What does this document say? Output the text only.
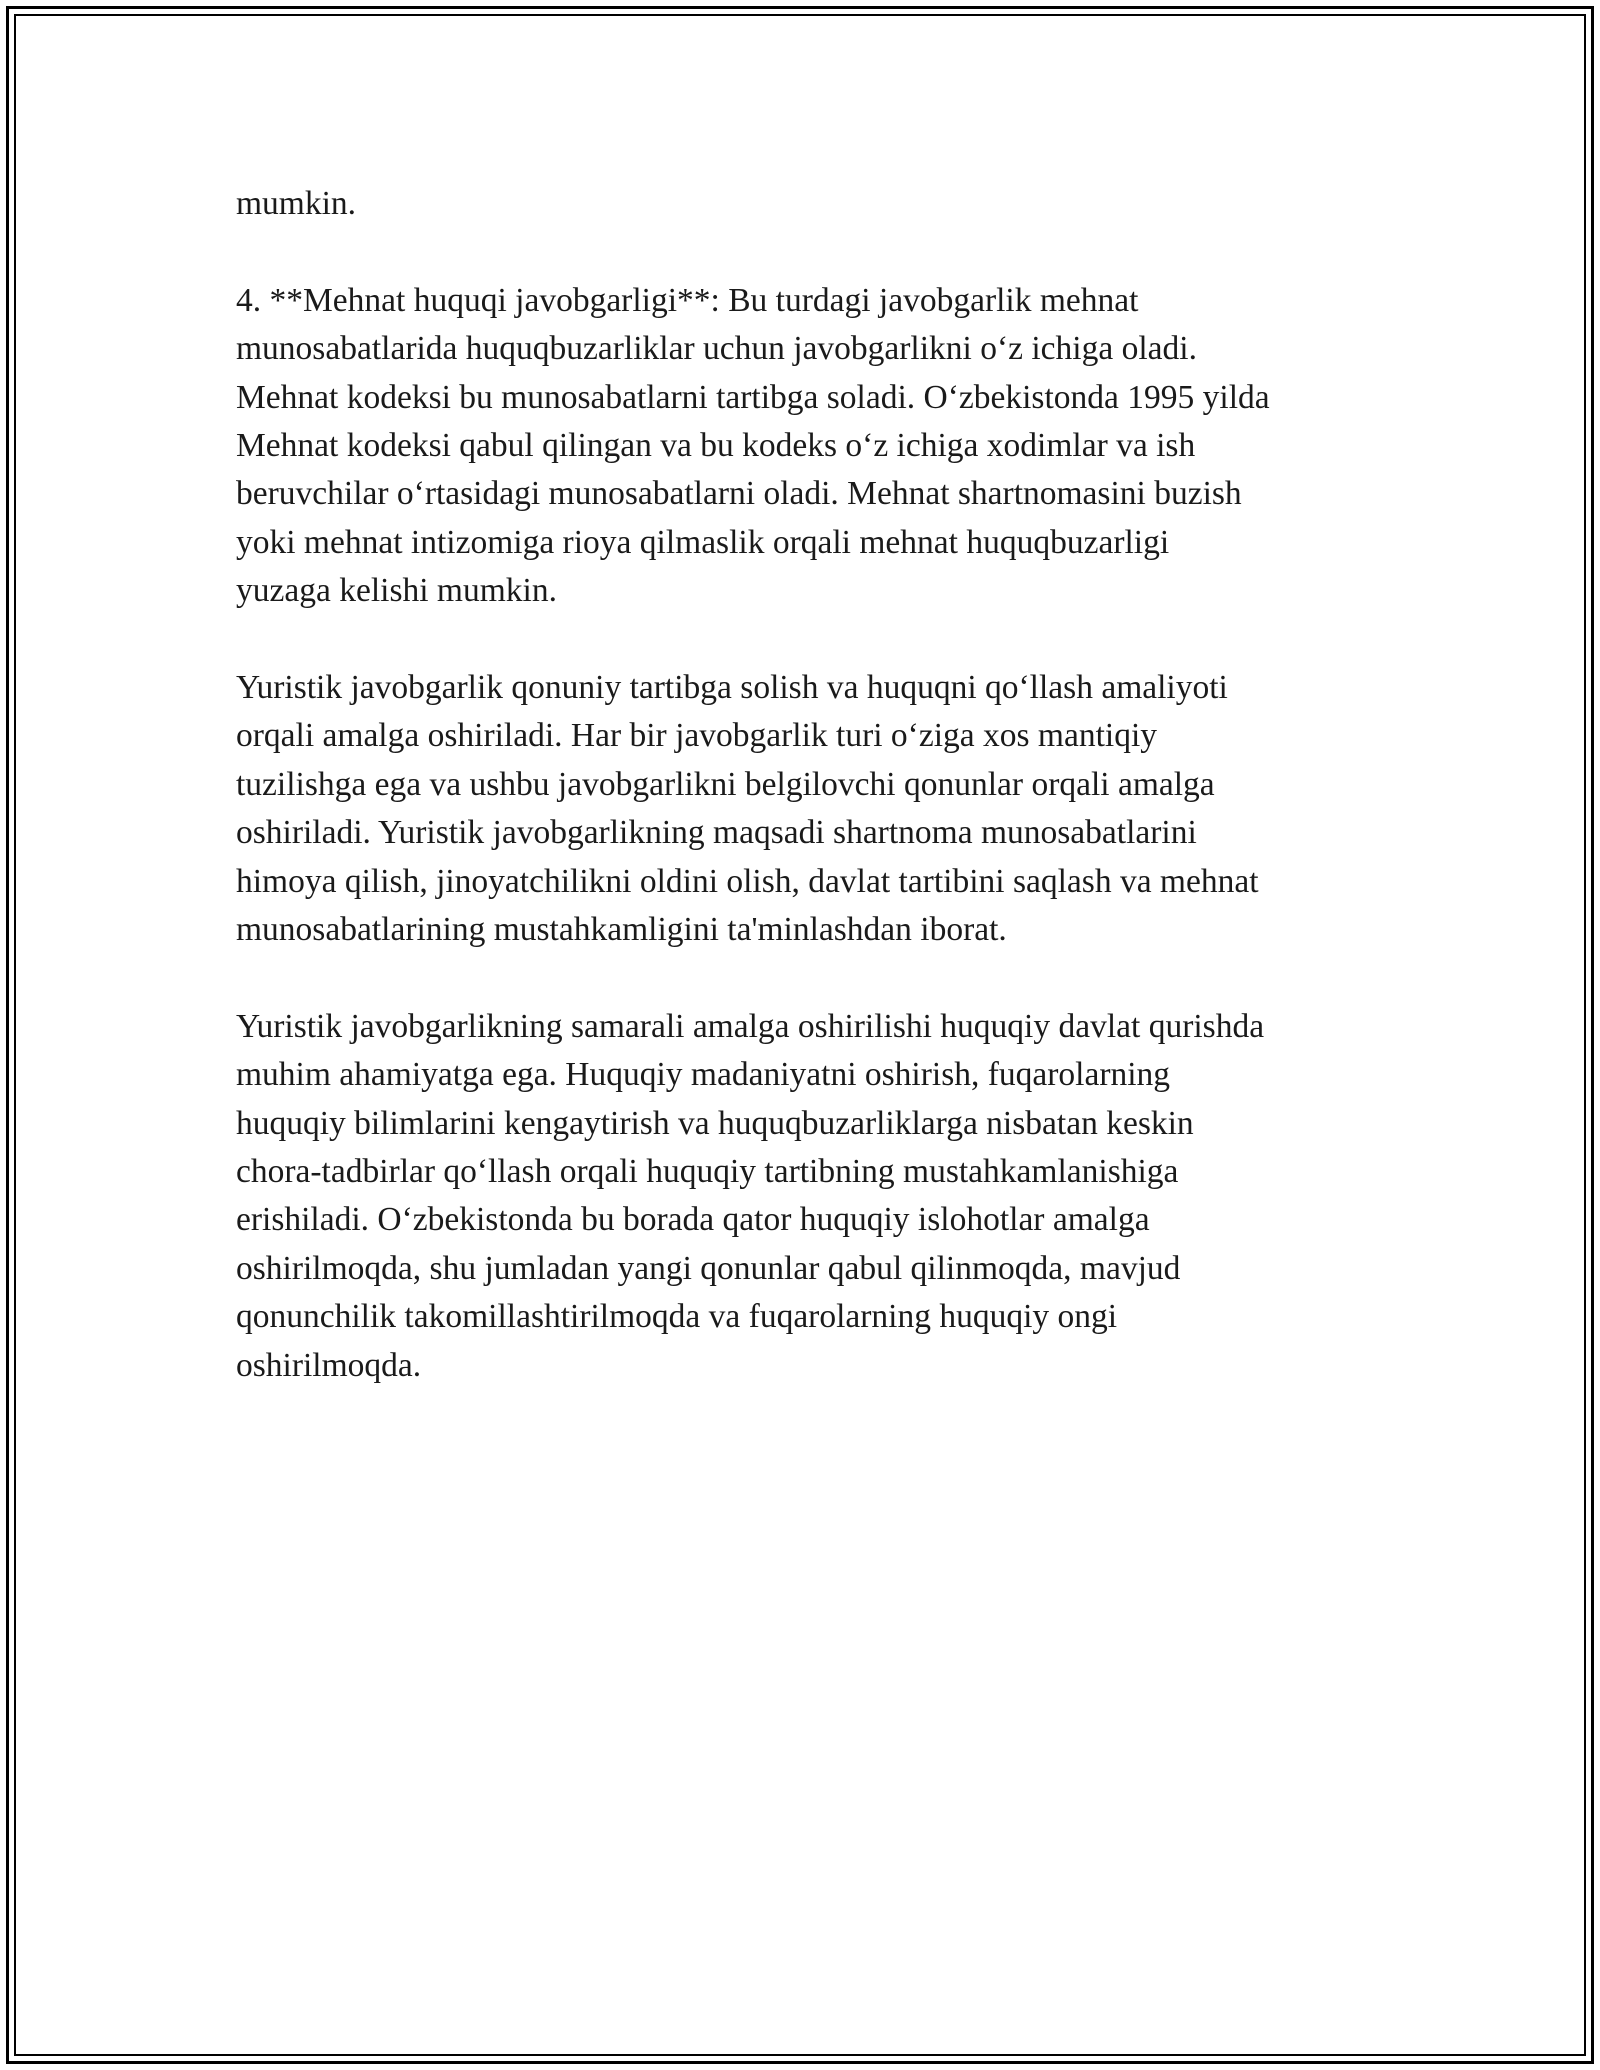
mumkin.

4. **Mehnat huquqi javobgarligi**: Bu turdagi javobgarlik mehnat
munosabatlarida huquqbuzarliklar uchun javobgarlikni o‘z ichiga oladi.
Mehnat kodeksi bu munosabatlarni tartibga soladi. O‘zbekistonda 1995 yilda
Mehnat kodeksi qabul qilingan va bu kodeks o‘z ichiga xodimlar va ish
beruvchilar o‘rtasidagi munosabatlarni oladi. Mehnat shartnomasini buzish
yoki mehnat intizomiga rioya qilmaslik orqali mehnat huquqbuzarligi
yuzaga kelishi mumkin.

Yuristik javobgarlik qonuniy tartibga solish va huquqni qo‘llash amaliyoti
orqali amalga oshiriladi. Har bir javobgarlik turi o‘ziga xos mantiqiy
tuzilishga ega va ushbu javobgarlikni belgilovchi qonunlar orqali amalga
oshiriladi. Yuristik javobgarlikning maqsadi shartnoma munosabatlarini
himoya qilish, jinoyatchilikni oldini olish, davlat tartibini saqlash va mehnat
munosabatlarining mustahkamligini ta'minlashdan iborat.

Yuristik javobgarlikning samarali amalga oshirilishi huquqiy davlat qurishda
muhim ahamiyatga ega. Huquqiy madaniyatni oshirish, fuqarolarning
huquqiy bilimlarini kengaytirish va huquqbuzarliklarga nisbatan keskin
chora-tadbirlar qo‘llash orqali huquqiy tartibning mustahkamlanishiga
erishiladi. O‘zbekistonda bu borada qator huquqiy islohotlar amalga
oshirilmoqda, shu jumladan yangi qonunlar qabul qilinmoqda, mavjud
qonunchilik takomillashtirilmoqda va fuqarolarning huquqiy ongi
oshirilmoqda.
